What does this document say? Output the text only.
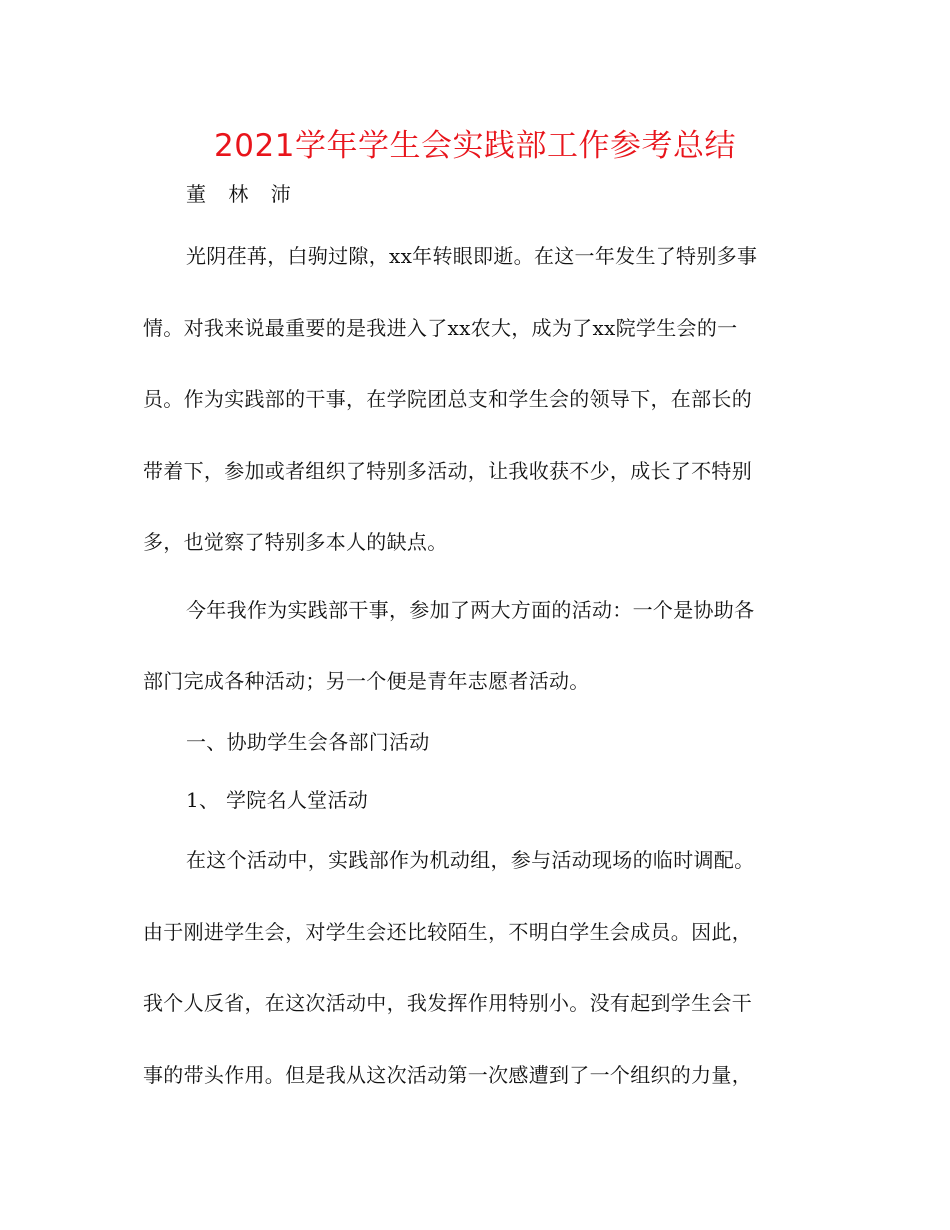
2021学年学生会实践部工作参考总结
董 林 沛
光阴荏苒，白驹过隙，xx年转眼即逝。在这一年发生了特别多事
情。对我来说最重要的是我进入了xx农大，成为了xx院学生会的一
员。作为实践部的干事，在学院团总支和学生会的领导下，在部长的
带着下，参加或者组织了特别多活动，让我收获不少，成长了不特别
多，也觉察了特别多本人的缺点。
今年我作为实践部干事，参加了两大方面的活动：一个是协助各
部门完成各种活动；另一个便是青年志愿者活动。
一、协助学生会各部门活动
1、 学院名人堂活动
在这个活动中，实践部作为机动组，参与活动现场的临时调配。
由于刚进学生会，对学生会还比较陌生，不明白学生会成员。因此，
我个人反省，在这次活动中，我发挥作用特别小。没有起到学生会干
事的带头作用。但是我从这次活动第一次感遭到了一个组织的力量，
